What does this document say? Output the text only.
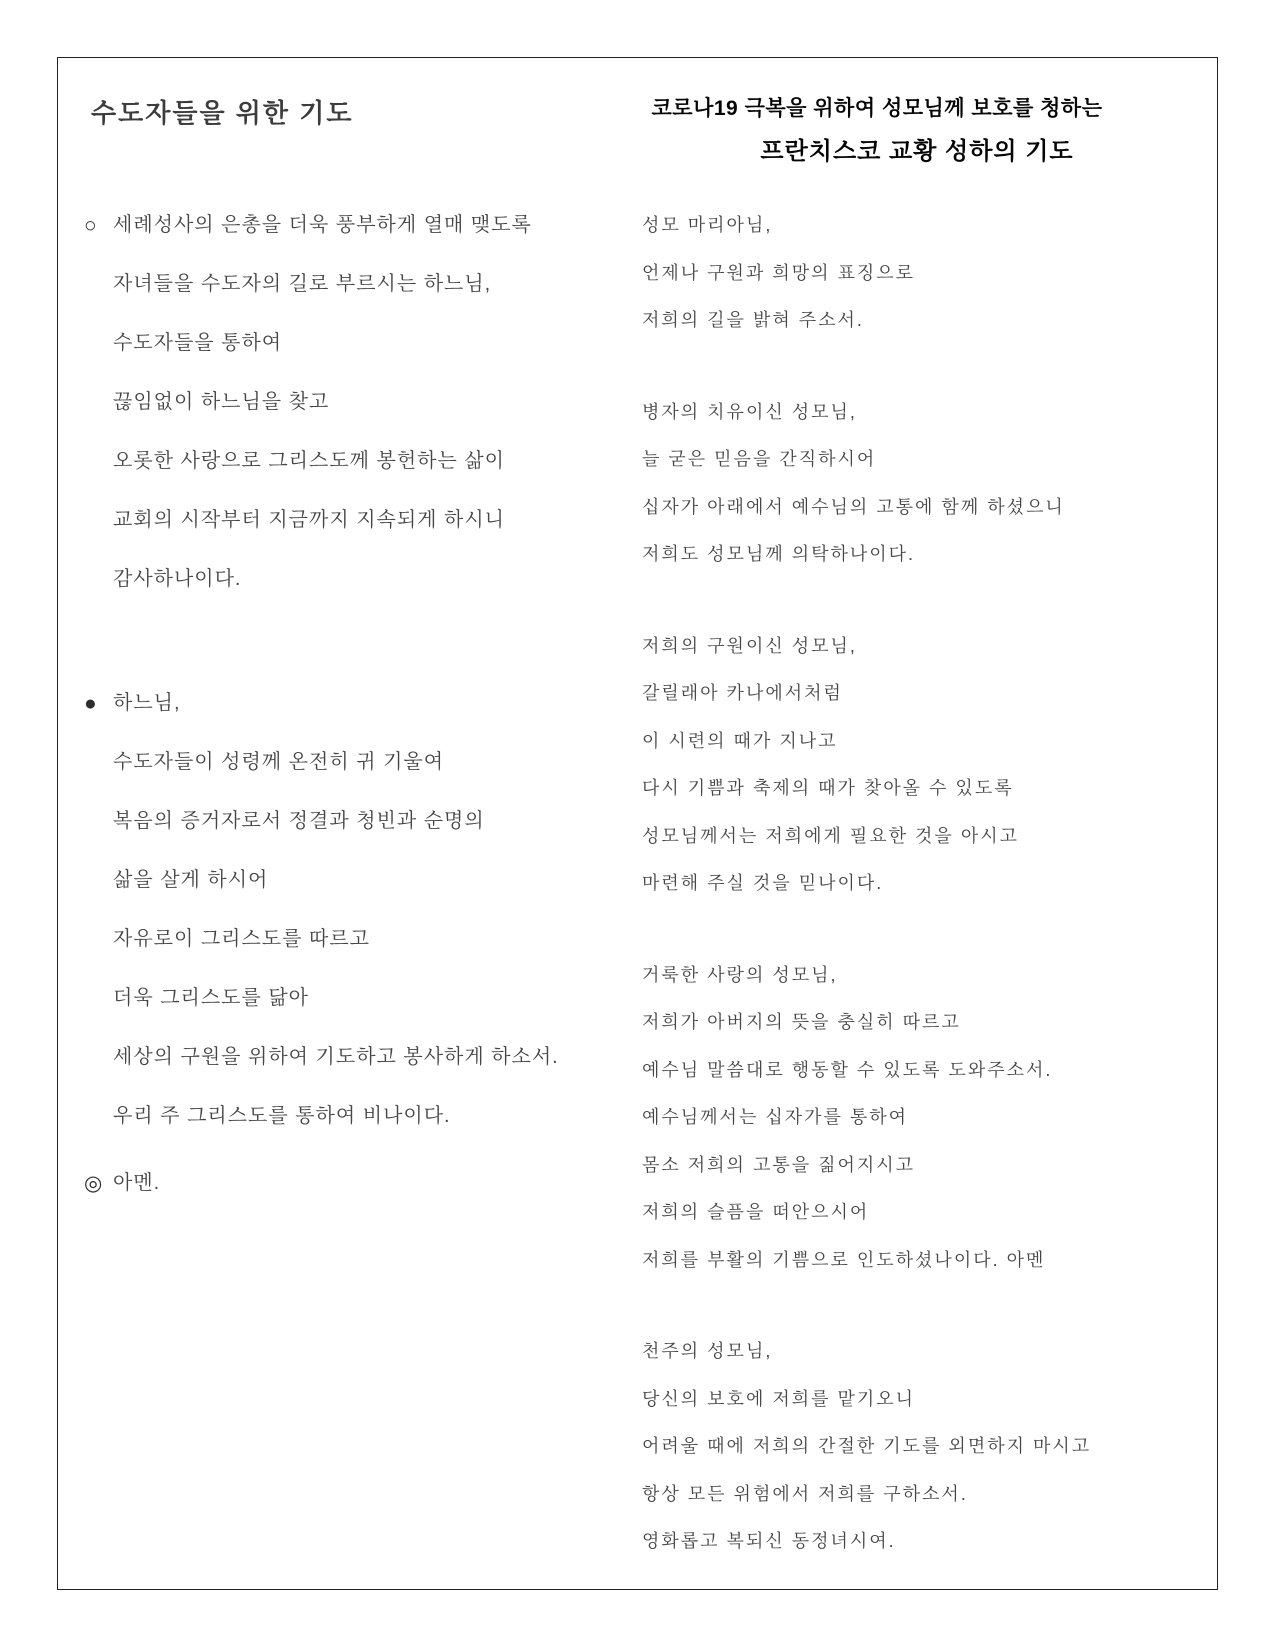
수도자들을 위한 기도
○ 세례성사의 은총을 더욱 풍부하게 열매 맺도록
자녀들을 수도자의 길로 부르시는 하느님,
수도자들을 통하여
끊임없이 하느님을 찾고
오롯한 사랑으로 그리스도께 봉헌하는 삶이
교회의 시작부터 지금까지 지속되게 하시니
감사하나이다.
● 하느님,
수도자들이 성령께 온전히 귀 기울여
복음의 증거자로서 정결과 청빈과 순명의
삶을 살게 하시어
자유로이 그리스도를 따르고
더욱 그리스도를 닮아
세상의 구원을 위하여 기도하고 봉사하게 하소서.
우리 주 그리스도를 통하여 비나이다.
◎ 아멘.
코로나19 극복을 위하여 성모님께 보호를 청하는
프란치스코 교황 성하의 기도
성모 마리아님,
언제나 구원과 희망의 표징으로
저희의 길을 밝혀 주소서.
병자의 치유이신 성모님,
늘 굳은 믿음을 간직하시어
십자가 아래에서 예수님의 고통에 함께 하셨으니
저희도 성모님께 의탁하나이다.
저희의 구원이신 성모님,
갈릴래아 카나에서처럼
이 시련의 때가 지나고
다시 기쁨과 축제의 때가 찾아올 수 있도록
성모님께서는 저희에게 필요한 것을 아시고
마련해 주실 것을 믿나이다.
거룩한 사랑의 성모님,
저희가 아버지의 뜻을 충실히 따르고
예수님 말씀대로 행동할 수 있도록 도와주소서.
예수님께서는 십자가를 통하여
몸소 저희의 고통을 짊어지시고
저희의 슬픔을 떠안으시어
저희를 부활의 기쁨으로 인도하셨나이다. 아멘
천주의 성모님,
당신의 보호에 저희를 맡기오니
어려울 때에 저희의 간절한 기도를 외면하지 마시고
항상 모든 위험에서 저희를 구하소서.
영화롭고 복되신 동정녀시여.
